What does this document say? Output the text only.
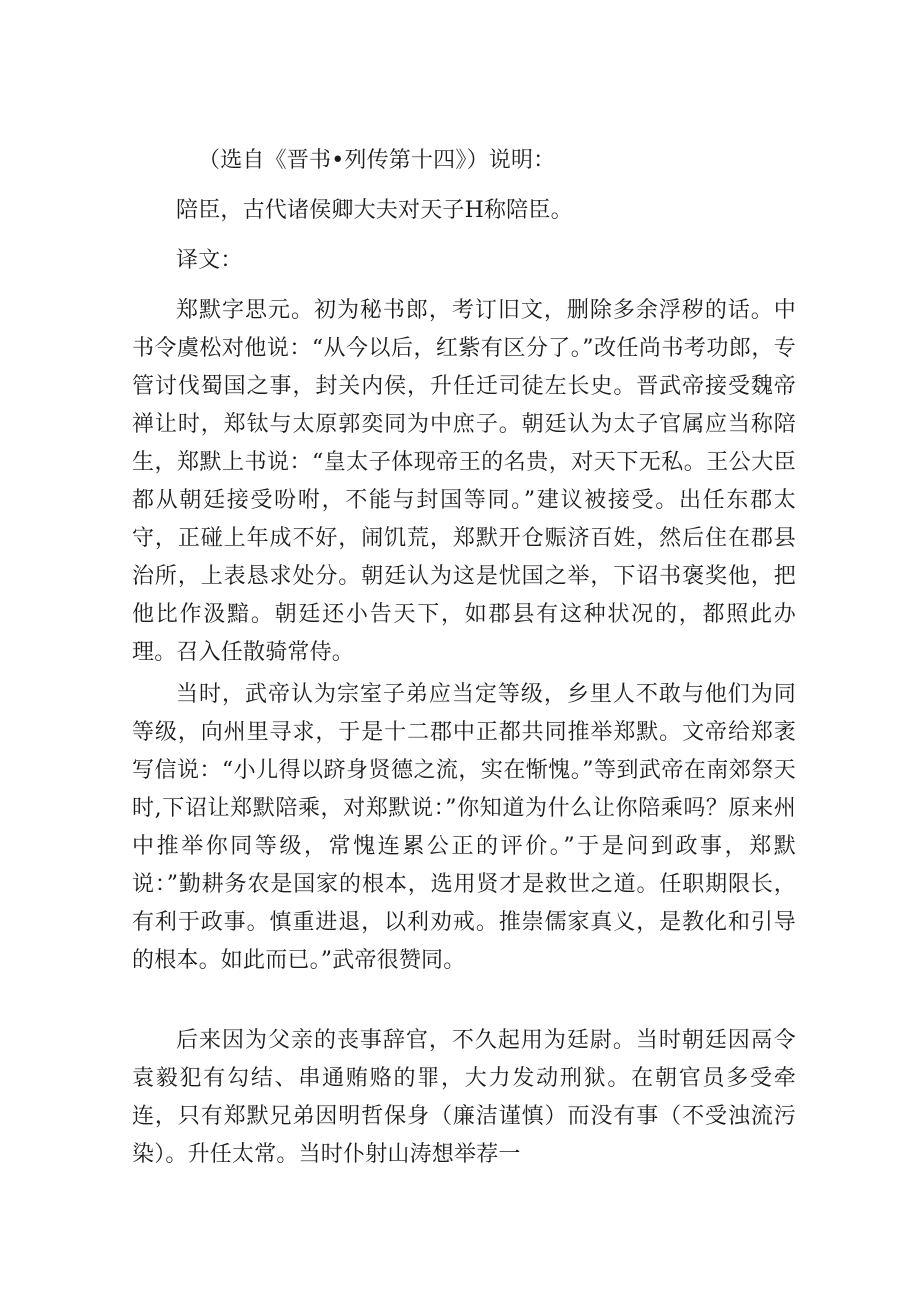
（选自《晋书•列传第十四》）说明：
陪臣，古代诸侯卿大夫对天子H称陪臣。
译文：
郑默字思元。初为秘书郎，考订旧文，删除多余浮秽的话。中书令虞松对他说：“从今以后，红紫有区分了。”改任尚书考功郎，专管讨伐蜀国之事，封关内侯，升任迁司徒左长史。晋武帝接受魏帝禅让时，郑钛与太原郭奕同为中庶子。朝廷认为太子官属应当称陪生，郑默上书说：“皇太子体现帝王的名贵，对天下无私。王公大臣都从朝廷接受吩咐，不能与封国等同。”建议被接受。出任东郡太守，正碰上年成不好，闹饥荒，郑默开仓赈济百姓，然后住在郡县治所，上表恳求处分。朝廷认为这是忧国之举，下诏书褒奖他，把他比作汲黯。朝廷还小告天下，如郡县有这种状况的，都照此办理。召入任散骑常侍。
当时，武帝认为宗室子弟应当定等级，乡里人不敢与他们为同等级，向州里寻求，于是十二郡中正都共同推举郑默。文帝给郑袤写信说：“小儿得以跻身贤德之流，实在惭愧。”等到武帝在南郊祭天时,下诏让郑默陪乘，对郑默说：”你知道为什么让你陪乘吗？原来州中推举你同等级，常愧连累公正的评价。”于是问到政事，郑默说：”勤耕务农是国家的根本，选用贤才是救世之道。任职期限长，有利于政事。慎重进退，以利劝戒。推崇儒家真义，是教化和引导的根本。如此而已。”武帝很赞同。
后来因为父亲的丧事辞官，不久起用为廷尉。当时朝廷因鬲令袁毅犯有勾结、串通贿赂的罪，大力发动刑狱。在朝官员多受牵连，只有郑默兄弟因明哲保身（廉洁谨慎）而没有事（不受浊流污染）。升任太常。当时仆射山涛想举荐一
